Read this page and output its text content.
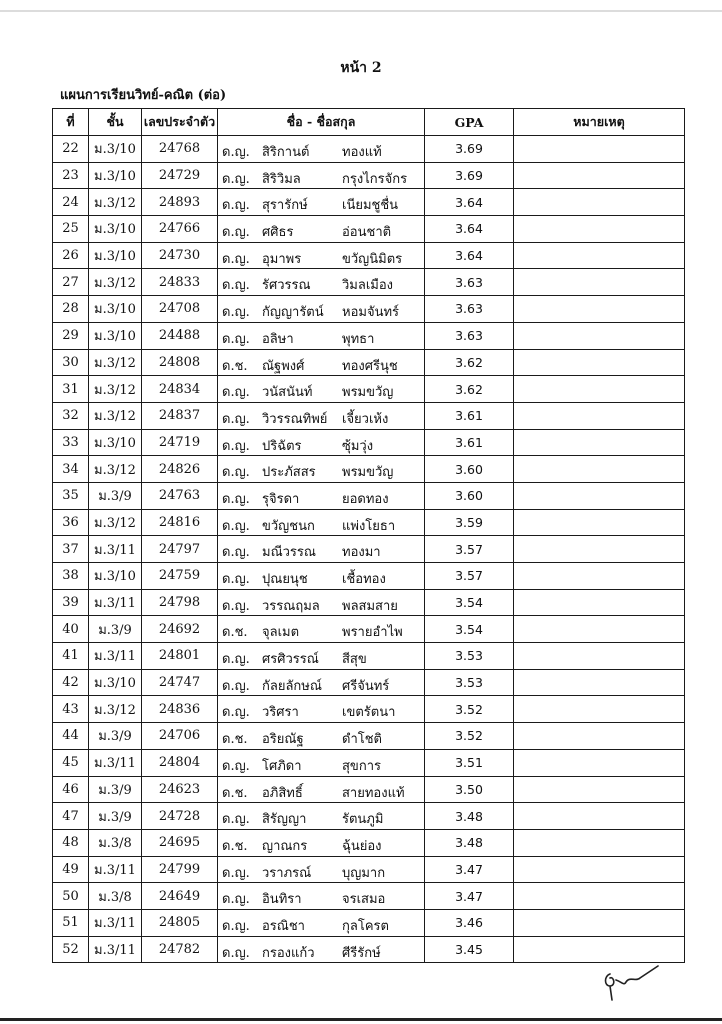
หน้า 2
แผนการเรียนวิทย์-คณิต (ต่อ)
ที่	ชั้น	เลขประจำตัว	ชื่อ - ชื่อสกุล	GPA	หมายเหตุ
22	ม.3/10	24768	ด.ญ. สิริกานต์ ทองแท้	3.69	
23	ม.3/10	24729	ด.ญ. สิริวิมล กรุงไกรจักร	3.69	
24	ม.3/12	24893	ด.ญ. สุรารักษ์ เนียมชูชื่น	3.64	
25	ม.3/10	24766	ด.ญ. ศศิธร อ่อนชาติ	3.64	
26	ม.3/10	24730	ด.ญ. อุมาพร ขวัญนิมิตร	3.64	
27	ม.3/12	24833	ด.ญ. รัศวรรณ วิมลเมือง	3.63	
28	ม.3/10	24708	ด.ญ. กัญญารัตน์ หอมจันทร์	3.63	
29	ม.3/10	24488	ด.ญ. อลิษา พุทธา	3.63	
30	ม.3/12	24808	ด.ช. ณัฐพงศ์ ทองศรีนุช	3.62	
31	ม.3/12	24834	ด.ญ. วนัสนันท์ พรมขวัญ	3.62	
32	ม.3/12	24837	ด.ญ. วิวรรณทิพย์ เจี้ยวเห้ง	3.61	
33	ม.3/10	24719	ด.ญ. ปริฉัตร ซุ้มวุ่ง	3.61	
34	ม.3/12	24826	ด.ญ. ประภัสสร พรมขวัญ	3.60	
35	ม.3/9	24763	ด.ญ. รุจิรดา ยอดทอง	3.60	
36	ม.3/12	24816	ด.ญ. ขวัญชนก แพ่งโยธา	3.59	
37	ม.3/11	24797	ด.ญ. มณีวรรณ ทองมา	3.57	
38	ม.3/10	24759	ด.ญ. ปุณยนุช เชื้อทอง	3.57	
39	ม.3/11	24798	ด.ญ. วรรณฤมล พลสมสาย	3.54	
40	ม.3/9	24692	ด.ช. จุลเมต พรายอำไพ	3.54	
41	ม.3/11	24801	ด.ญ. ศรศิวรรณ์ สีสุข	3.53	
42	ม.3/10	24747	ด.ญ. กัลยลักษณ์ ศรีจันทร์	3.53	
43	ม.3/12	24836	ด.ญ. วริศรา เขตรัตนา	3.52	
44	ม.3/9	24706	ด.ช. อริยณัฐ ดำโชติ	3.52	
45	ม.3/11	24804	ด.ญ. โศภิดา สุขการ	3.51	
46	ม.3/9	24623	ด.ช. อภิสิทธิ์ สายทองแท้	3.50	
47	ม.3/9	24728	ด.ญ. สิรัญญา รัตนภูมิ	3.48	
48	ม.3/8	24695	ด.ช. ญาณกร ฉุ้นย่อง	3.48	
49	ม.3/11	24799	ด.ญ. วราภรณ์ บุญมาก	3.47	
50	ม.3/8	24649	ด.ญ. อินทิรา จรเสมอ	3.47	
51	ม.3/11	24805	ด.ญ. อรณิชา กุลโครต	3.46	
52	ม.3/11	24782	ด.ญ. กรองแก้ว ศีรีรักษ์	3.45	
